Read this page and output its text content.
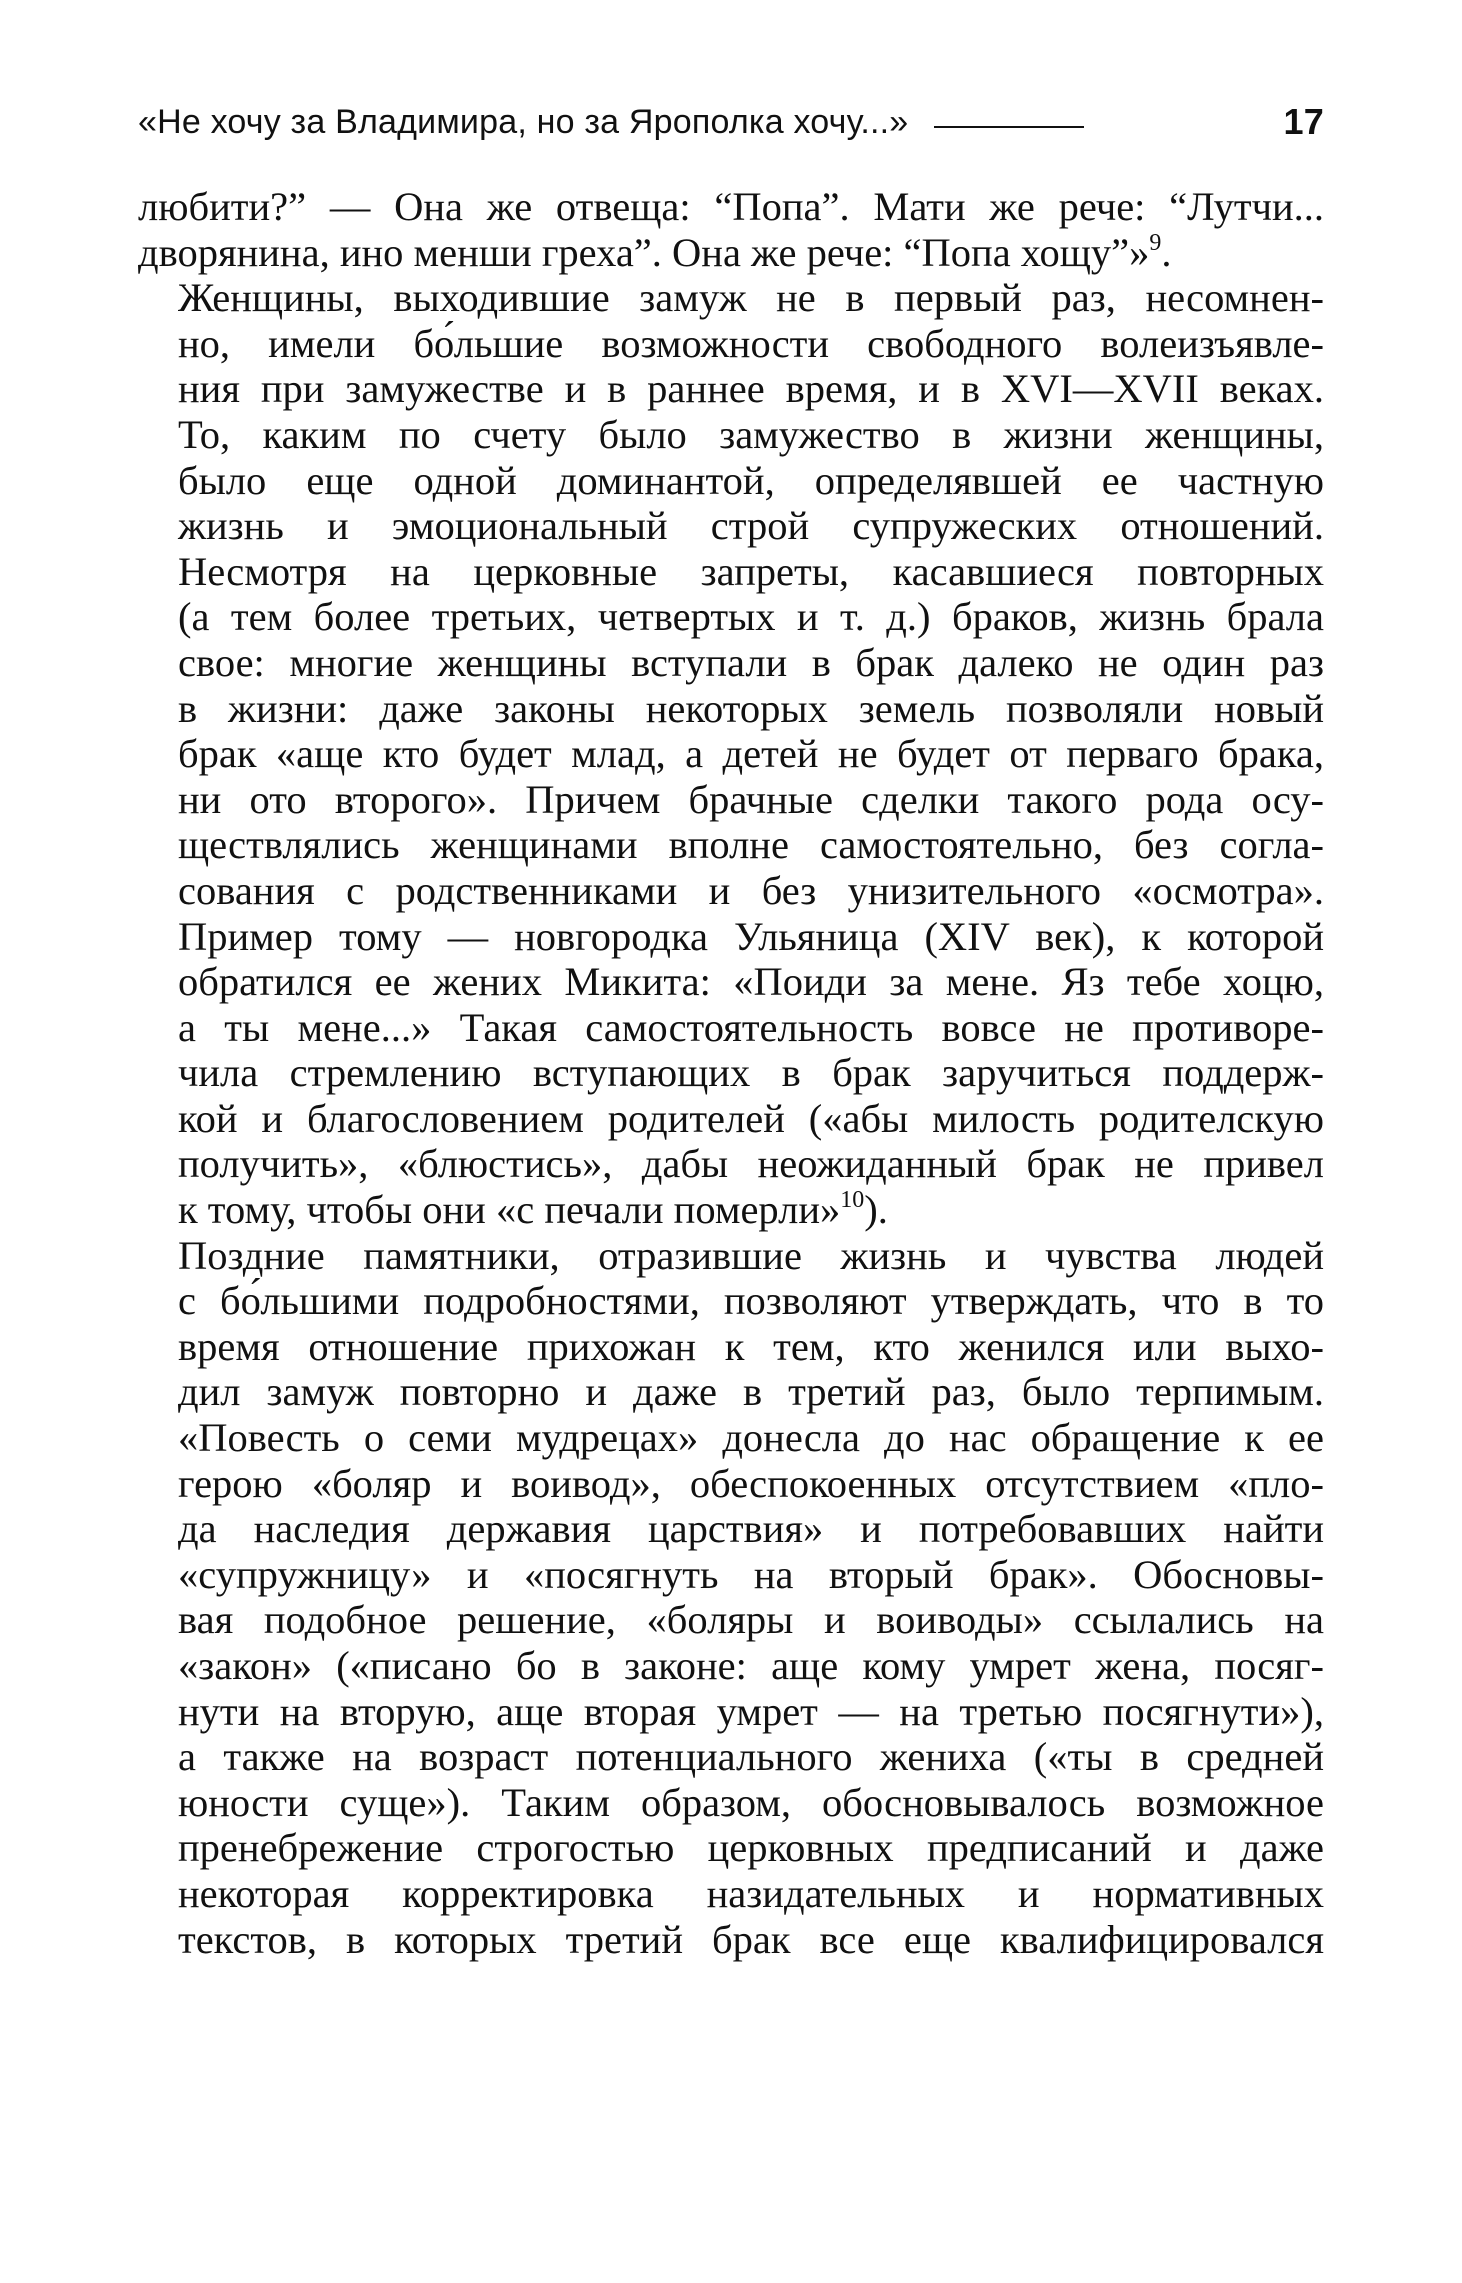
«Не хочу за Владимира, но за Ярополка хочу...»	17

любити?” — Она же отвеща: “Попа”. Мати же рече: “Лутчи...
дворянина, ино менши греха”. Она же рече: “Попа хощу”»$^9$.

Женщины, выходившие замуж не в первый раз, несомнен-
но, имели бо́льшие возможности свободного волеизъявле-
ния при замужестве и в раннее время, и в XVI—XVII веках.
То, каким по счету было замужество в жизни женщины,
было еще одной доминантой, определявшей ее частную
жизнь и эмоциональный строй супружеских отношений.
Несмотря на церковные запреты, касавшиеся повторных
(а тем более третьих, четвертых и т. д.) браков, жизнь брала
свое: многие женщины вступали в брак далеко не один раз
в жизни: даже законы некоторых земель позволяли новый
брак «аще кто будет млад, а детей не будет от перваго брака,
ни ото второго». Причем брачные сделки такого рода осу-
ществлялись женщинами вполне самостоятельно, без согла-
сования с родственниками и без унизительного «осмотра».
Пример тому — новгородка Ульяница (XIV век), к которой
обратился ее жених Микита: «Поиди за мене. Яз тебе хоцю,
а ты мене...» Такая самостоятельность вовсе не противоре-
чила стремлению вступающих в брак заручиться поддерж-
кой и благословением родителей («абы милость родителскую
получить», «блюстись», дабы неожиданный брак не привел
к тому, чтобы они «с печали померли»$^{10}$).

Поздние памятники, отразившие жизнь и чувства людей
с бо́льшими подробностями, позволяют утверждать, что в то
время отношение прихожан к тем, кто женился или выхо-
дил замуж повторно и даже в третий раз, было терпимым.
«Повесть о семи мудрецах» донесла до нас обращение к ее
герою «боляр и воивод», обеспокоенных отсутствием «пло-
да наследия державия царствия» и потребовавших найти
«супружницу» и «посягнуть на вторый брак». Обосновы-
вая подобное решение, «боляры и воиводы» ссылались на
«закон» («писано бо в законе: аще кому умрет жена, посяг-
нути на вторую, аще вторая умрет — на третью посягнути»),
а также на возраст потенциального жениха («ты в средней
юности суще»). Таким образом, обосновывалось возможное
пренебрежение строгостью церковных предписаний и даже
некоторая корректировка назидательных и нормативных
текстов, в которых третий брак все еще квалифицировался
